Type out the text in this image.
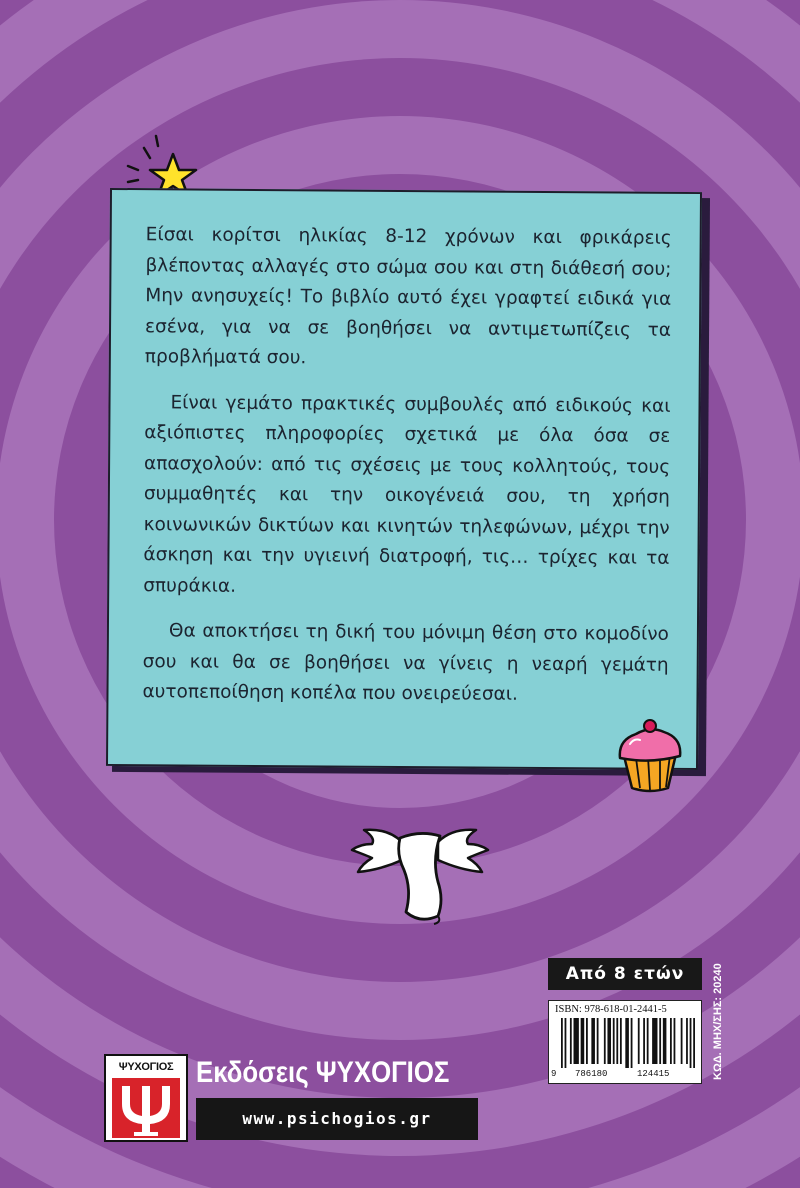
Είσαι κορίτσι ηλικίας 8-12 χρόνων και φρικάρεις βλέποντας αλλαγές στο σώμα σου και στη διάθεσή σου; Μην ανησυχείς! Το βιβλίο αυτό έχει γραφτεί ειδικά για εσένα, για να σε βοηθήσει να αντιμετωπίζεις τα προβλήματά σου.

Είναι γεμάτο πρακτικές συμβουλές από ειδικούς και αξιόπιστες πληροφορίες σχετικά με όλα όσα σε απασχολούν: από τις σχέσεις με τους κολλητούς, τους συμμαθητές και την οικογένειά σου, τη χρήση κοινωνικών δικτύων και κινητών τηλεφώνων, μέχρι την άσκηση και την υγιεινή διατροφή, τις… τρίχες και τα σπυράκια.

Θα αποκτήσει τη δική του μόνιμη θέση στο κομοδίνο σου και θα σε βοηθήσει να γίνεις η νεαρή γεμάτη αυτοπεποίθηση κοπέλα που ονειρεύεσαι.

Από 8 ετών
ISBN: 978-618-01-2441-5
9 786180	124415	ΚΩΔ. ΜΗΧ/ΣΗΣ: 20240
ΨΥΧΟΓΙΟΣ Εκδόσεις ΨΥΧΟΓΙΟΣ
www.psichogios.gr
